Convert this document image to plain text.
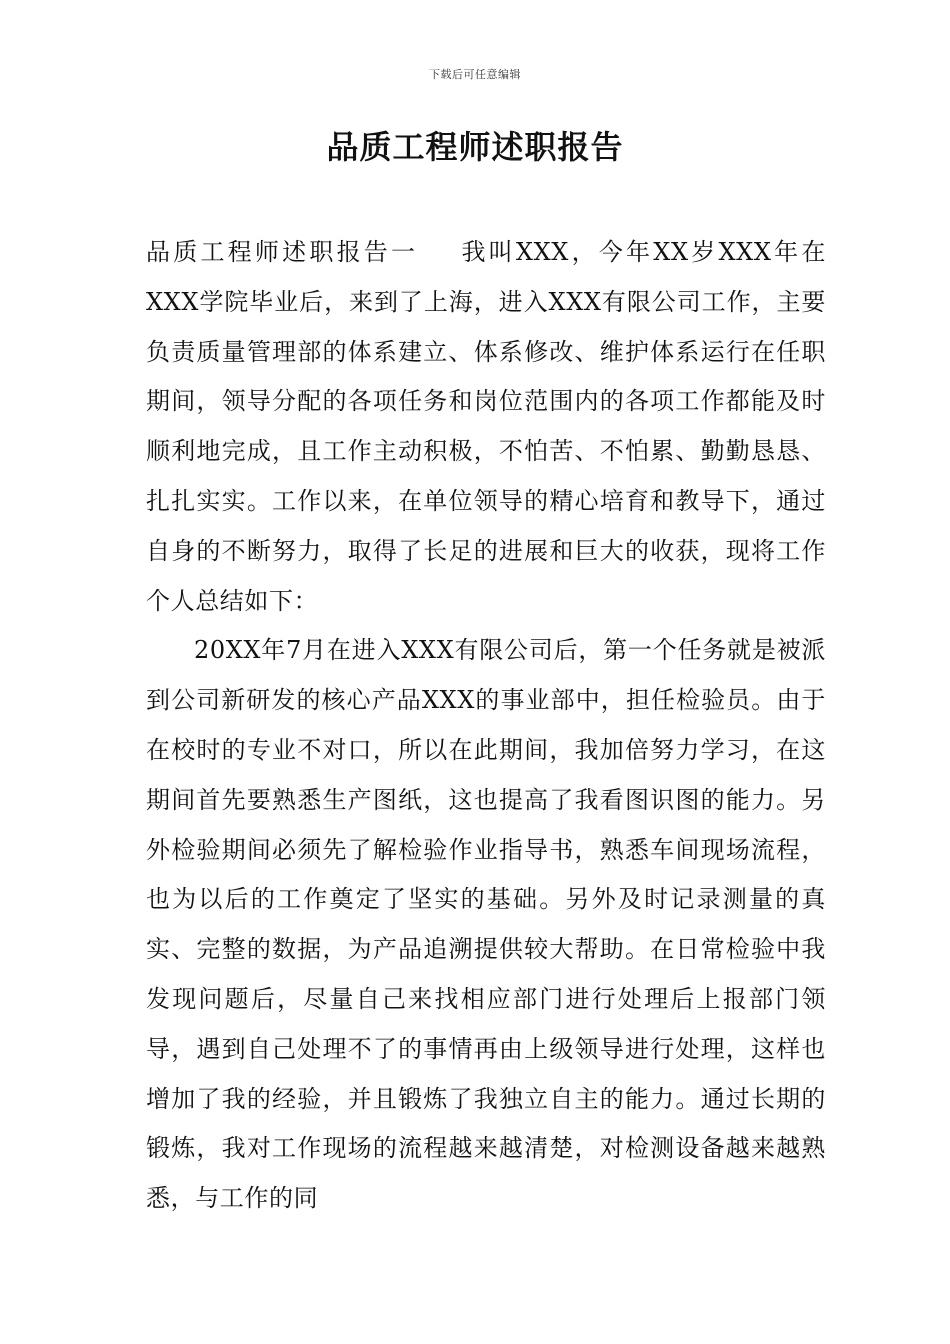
下载后可任意编辑
品质工程师述职报告

品质工程师述职报告一 我叫XXX，今年XX岁XXX年在XXX学院毕业后，来到了上海，进入XXX有限公司工作，主要负责质量管理部的体系建立、体系修改、维护体系运行在任职期间，领导分配的各项任务和岗位范围内的各项工作都能及时顺利地完成，且工作主动积极，不怕苦、不怕累、勤勤恳恳、扎扎实实。工作以来，在单位领导的精心培育和教导下，通过自身的不断努力，取得了长足的进展和巨大的收获，现将工作个人总结如下：

20XX年7月在进入XXX有限公司后，第一个任务就是被派到公司新研发的核心产品XXX的事业部中，担任检验员。由于在校时的专业不对口，所以在此期间，我加倍努力学习，在这期间首先要熟悉生产图纸，这也提高了我看图识图的能力。另外检验期间必须先了解检验作业指导书，熟悉车间现场流程，也为以后的工作奠定了坚实的基础。另外及时记录测量的真实、完整的数据，为产品追溯提供较大帮助。在日常检验中我发现问题后，尽量自己来找相应部门进行处理后上报部门领导，遇到自己处理不了的事情再由上级领导进行处理，这样也增加了我的经验，并且锻炼了我独立自主的能力。通过长期的锻炼，我对工作现场的流程越来越清楚，对检测设备越来越熟悉，与工作的同
